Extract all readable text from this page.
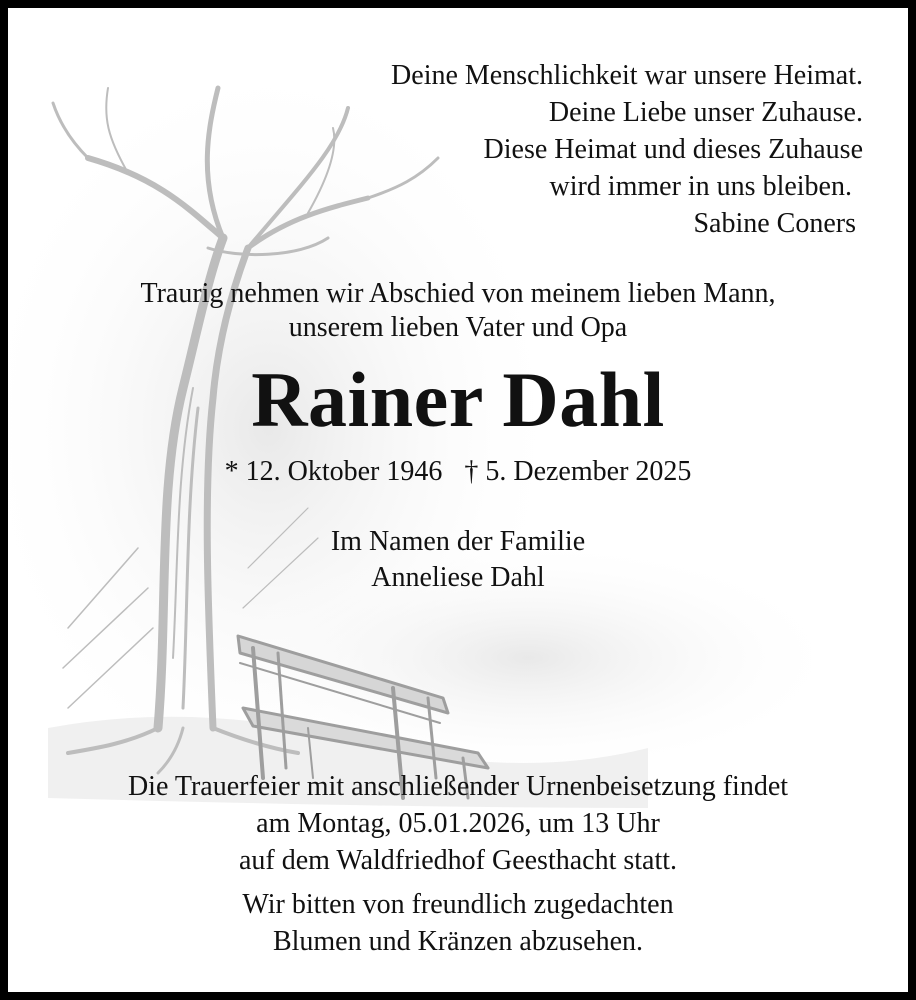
Deine Menschlichkeit war unsere Heimat.
Deine Liebe unser Zuhause.
Diese Heimat und dieses Zuhause
wird immer in uns bleiben.
Sabine Coners
Traurig nehmen wir Abschied von meinem lieben Mann,
unserem lieben Vater und Opa
Rainer Dahl
* 12. Oktober 1946 † 5. Dezember 2025
Im Namen der Familie
Anneliese Dahl
Die Trauerfeier mit anschließender Urnenbeisetzung findet
am Montag, 05.01.2026, um 13 Uhr
auf dem Waldfriedhof Geesthacht statt.
Wir bitten von freundlich zugedachten
Blumen und Kränzen abzusehen.
